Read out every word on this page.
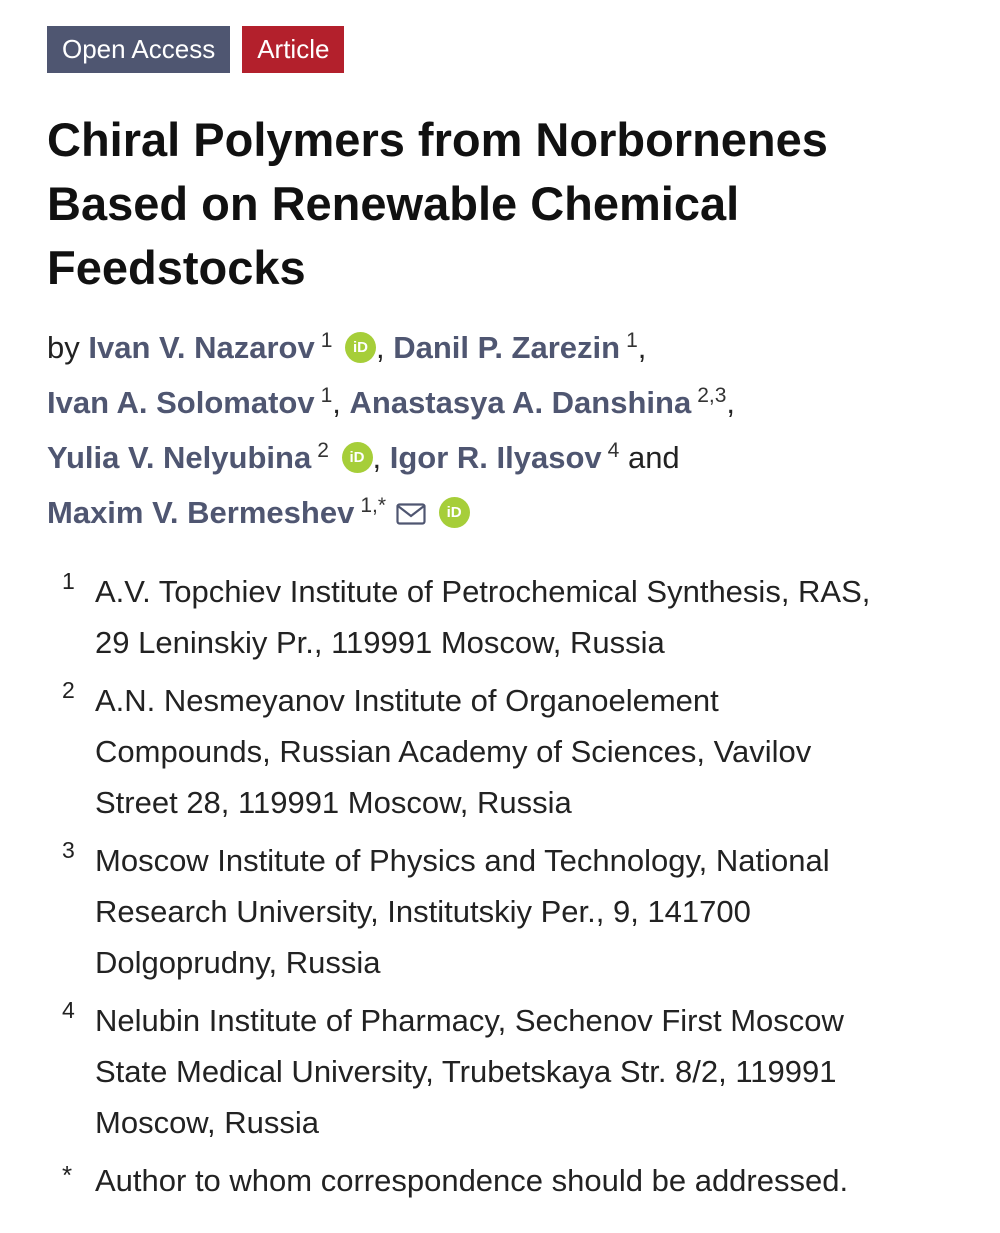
Open Access	Article
Chiral Polymers from Norbornenes
Based on Renewable Chemical
Feedstocks
by Ivan V. Nazarov $^1$ iD , Danil P. Zarezin $^1$,
Ivan A. Solomatov $^1$, Anastasya A. Danshina $^{2,3}$,
Yulia V. Nelyubina $^2$ iD , Igor R. Ilyasov $^4$ and
Maxim V. Bermeshev $^{1,*}$	iD
1 A.V. Topchiev Institute of Petrochemical Synthesis, RAS,
29 Leninskiy Pr., 119991 Moscow, Russia
2 A.N. Nesmeyanov Institute of Organoelement
Compounds, Russian Academy of Sciences, Vavilov
Street 28, 119991 Moscow, Russia
3 Moscow Institute of Physics and Technology, National
Research University, Institutskiy Per., 9, 141700
Dolgoprudny, Russia
4 Nelubin Institute of Pharmacy, Sechenov First Moscow
State Medical University, Trubetskaya Str. 8/2, 119991
Moscow, Russia
* Author to whom correspondence should be addressed.
